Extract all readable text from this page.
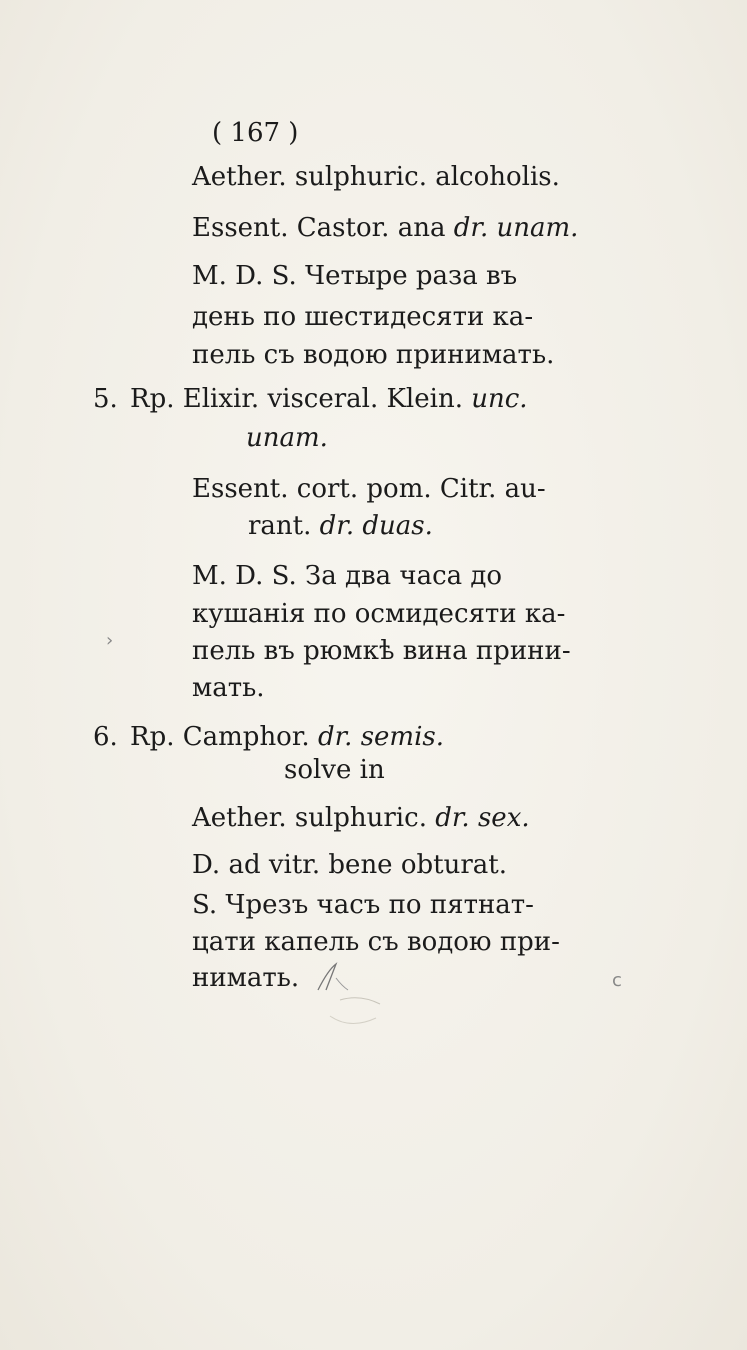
( 167 )
Aether. sulphuric. alcoholis.
Essent. Castor. ana dr. unam.
M. D. S. Четыре раза въ
день по шестидесяти ка-
пель съ водою принимать.
5. Rp. Elixir. visceral. Klein. unc.
unam.
Essent. cort. pom. Citr. au-
rant. dr. duas.
M. D. S. За два часа до
кушанія по осмидесяти ка-
пель въ рюмкѣ вина прини-
мать.
6. Rp. Camphor. dr. semis.
solve in
Aether. sulphuric. dr. sex.
D. ad vitr. bene obturat.
S. Чрезъ часъ по пятнат-
цати капель съ водою при-
нимать.	c
›
